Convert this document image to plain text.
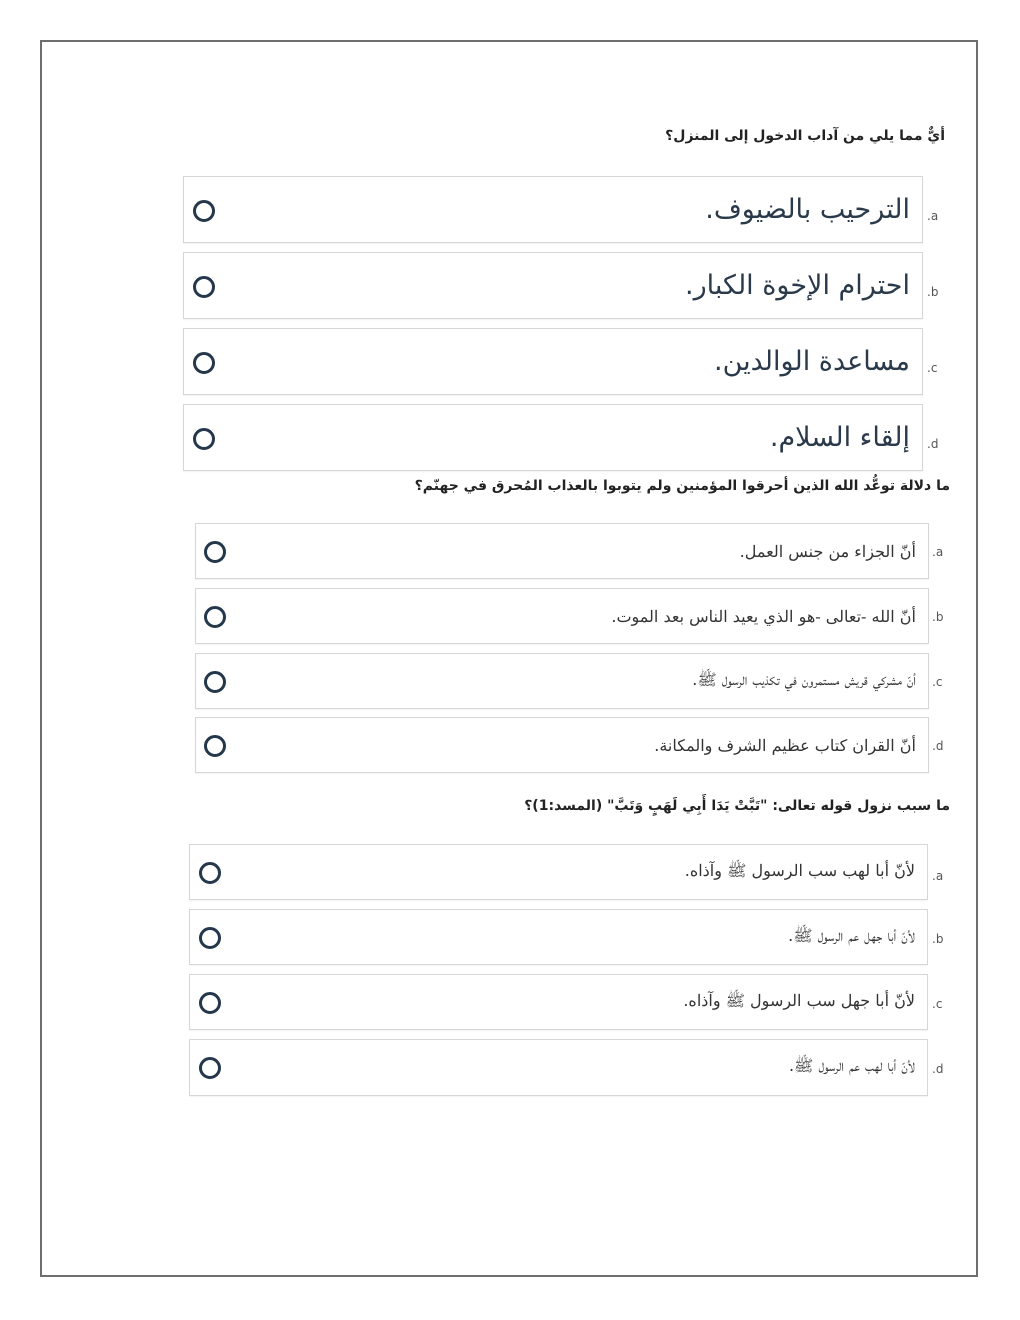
أيٌّ مما يلي من آداب الدخول إلى المنزل؟
الترحيب بالضيوف. .a
احترام الإخوة الكبار. .b
مساعدة الوالدين. .c
إلقاء السلام. .d
ما دلالة توعُّد الله الذين أحرقوا المؤمنين ولم يتوبوا بالعذاب المُحرق في جهنّم؟
أنّ الجزاء من جنس العمل. .a
أنّ الله -تعالى -هو الذي يعيد الناس بعد الموت. .b
أنّ مشركي قريش مستمرون في تكذيب الرسول ﷺ. .c
أنّ القران كتاب عظيم الشرف والمكانة. .d
ما سبب نزول قوله تعالى: "تَبَّتْ يَدَا أَبِي لَهَبٍ وَتَبَّ" (المسد:1)؟
لأنّ أبا لهب سب الرسول ﷺ وآذاه. .a
لأنّ أبا جهل عم الرسول ﷺ. .b
لأنّ أبا جهل سب الرسول ﷺ وآذاه. .c
لأنّ أبا لهب عم الرسول ﷺ. .d
